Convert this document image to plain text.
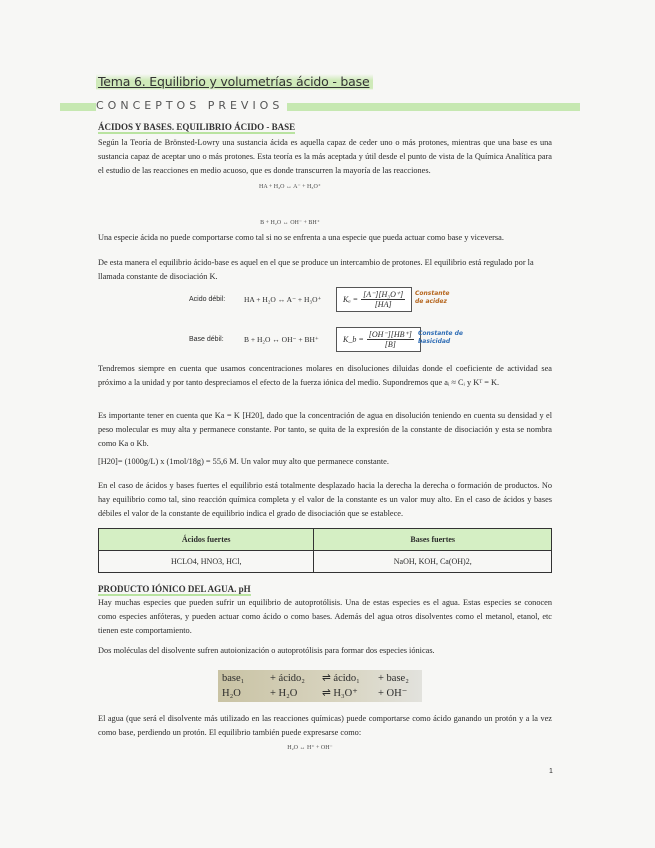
Tema 6. Equilibrio y volumetrías ácido - base
CONCEPTOS PREVIOS
ÁCIDOS Y BASES. EQUILIBRIO ÁCIDO - BASE
Según la Teoría de Brönsted-Lowry una sustancia ácida es aquella capaz de ceder uno o más protones, mientras que una base es una sustancia capaz de aceptar uno o más protones. Esta teoría es la más aceptada y útil desde el punto de vista de la Química Analítica para el estudio de las reacciones en medio acuoso, que es donde transcurren la mayoría de las reacciones.
HA + H₂O ↔ A⁻ + H₃O⁺
B + H₂O ↔ OH⁻ + BH⁺
Una especie ácida no puede comportarse como tal si no se enfrenta a una especie que pueda actuar como base y viceversa.
De esta manera el equilibrio ácido-base es aquel en el que se produce un intercambio de protones. El equilibrio está regulado por la llamada constante de disociación K.
Acido débil:	HA + H₂O ↔ A⁻ + H₃O⁺	$K_a = \frac{\text{[A⁻][H₃O⁺]}}{[HA]}$ Constante de acidez
Base débil:	B + H₂O ↔ OH⁻ + BH⁺	K_b = $\frac{[OH^-][HB^+]}{[B]}$ Constante de basicidad
Tendremos siempre en cuenta que usamos concentraciones molares en disoluciones diluidas donde el coeficiente de actividad sea próximo a la unidad y por tanto despreciamos el efecto de la fuerza iónica del medio. Supondremos que aᵢ ≈ Cᵢ y Kᵀ = K.
Es importante tener en cuenta que Ka = K [H20], dado que la concentración de agua en disolución teniendo en cuenta su densidad y el peso molecular es muy alta y permanece constante. Por tanto, se quita de la expresión de la constante de disociación y esta se nombra como Ka o Kb.
[H20]= (1000g/L) x (1mol/18g) = 55,6 M. Un valor muy alto que permanece constante.
En el caso de ácidos y bases fuertes el equilibrio está totalmente desplazado hacia la derecha la derecha o formación de productos. No hay equilibrio como tal, sino reacción química completa y el valor de la constante es un valor muy alto. En el caso de ácidos y bases débiles el valor de la constante de equilibrio indica el grado de disociación que se establece.
Ácidos fuertes	Bases fuertes
HCLO4, HNO3, HCl,	NaOH, KOH, Ca(OH)2,
PRODUCTO IÓNICO DEL AGUA. pH
Hay muchas especies que pueden sufrir un equilibrio de autoprotólisis. Una de estas especies es el agua. Estas especies se conocen como especies anfóteras, y pueden actuar como ácido o como bases. Además del agua otros disolventes como el metanol, etanol, etc tienen este comportamiento.
Dos moléculas del disolvente sufren autoionización o autoprotólisis para formar dos especies iónicas.
base₁	+ ácido₂	⇌ ácido₁	+ base₂
H₂O	+ H₂O	⇌ H₃O⁺	+ OH⁻
El agua (que será el disolvente más utilizado en las reacciones químicas) puede comportarse como ácido ganando un protón y a la vez como base, perdiendo un protón. El equilibrio también puede expresarse como:
H₂O ↔ H⁺ + OH⁻
1
